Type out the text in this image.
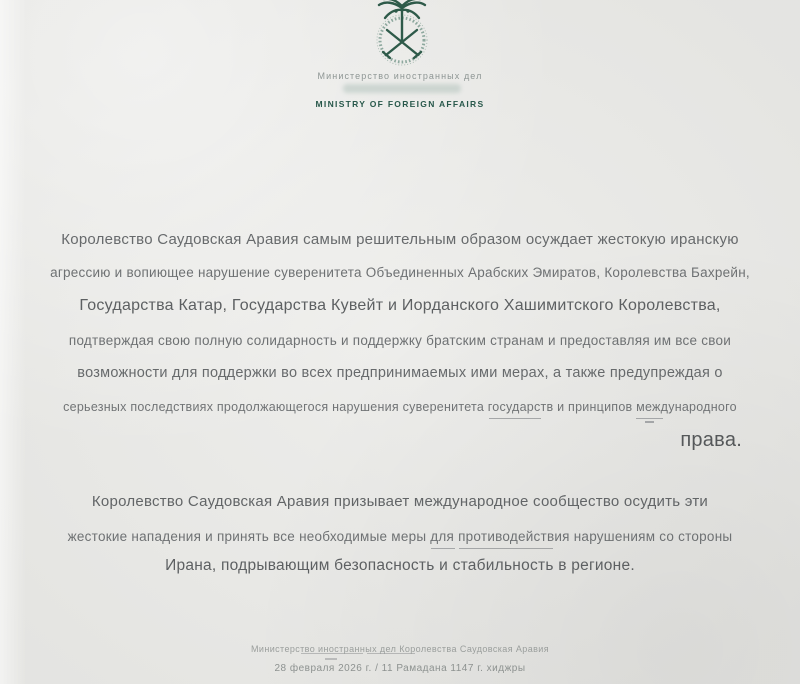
Министерство иностранных дел
MINISTRY OF FOREIGN AFFAIRS
Королевство Саудовская Аравия самым решительным образом осуждает жестокую иранскую
агрессию и вопиющее нарушение суверенитета Объединенных Арабских Эмиратов, Королевства Бахрейн,
Государства Катар, Государства Кувейт и Иорданского Хашимитского Королевства,
подтверждая свою полную солидарность и поддержку братским странам и предоставляя им все свои
возможности для поддержки во всех предпринимаемых ими мерах, а также предупреждая о
серьезных последствиях продолжающегося нарушения суверенитета государств и принципов международного
права.
Королевство Саудовская Аравия призывает международное сообщество осудить эти
жестокие нападения и принять все необходимые меры для противодействия нарушениям со стороны
Ирана, подрывающим безопасность и стабильность в регионе.
Министерство иностранных дел Королевства Саудовская Аравия
28 февраля 2026 г. / 11 Рамадана 1147 г. хиджры
